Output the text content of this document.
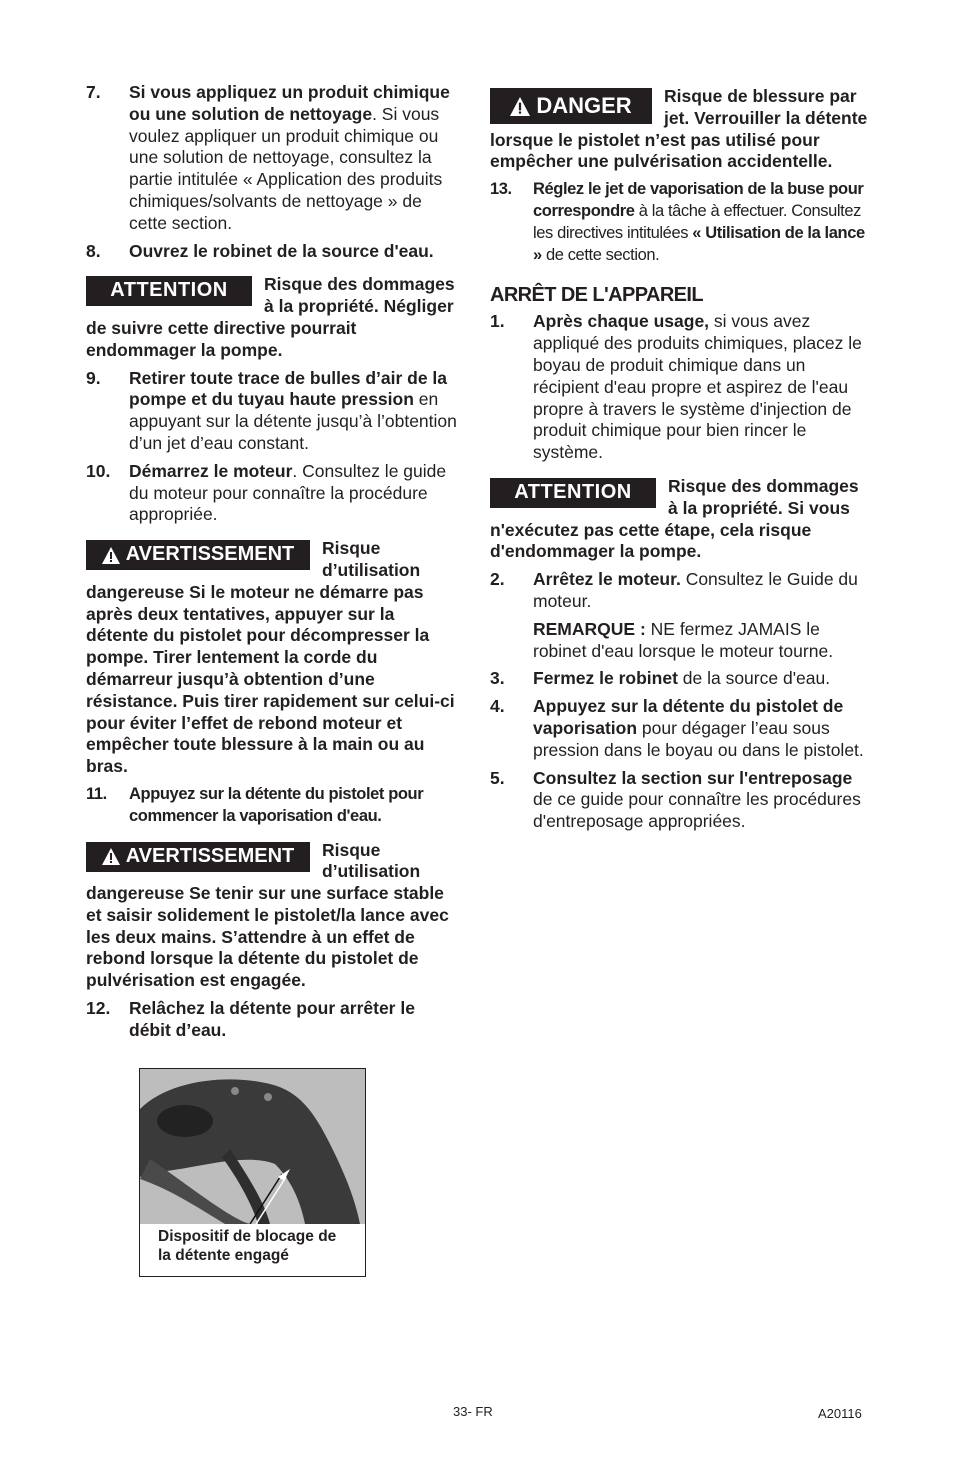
7.	Si vous appliquez un produit chimique ou une solution de nettoyage. Si vous voulez appliquer un produit chimique ou une solution de nettoyage, consultez la partie intitulée « Application des produits chimiques/solvants de nettoyage » de cette section.
8.	Ouvrez le robinet de la source d'eau.
ATTENTION	Risque des dommages à la propriété. Négliger de suivre cette directive pourrait endommager la pompe.
9.	Retirer toute trace de bulles d’air de la pompe et du tuyau haute pression en appuyant sur la détente jusqu’à l’obtention d’un jet d’eau constant.
10.	Démarrez le moteur. Consultez le guide du moteur pour connaître la procédure appropriée.
AVERTISSEMENT Risque d’utilisation dangereuse Si le moteur ne démarre pas après deux tentatives, appuyer sur la détente du pistolet pour décompresser la pompe. Tirer lentement la corde du démarreur jusqu’à obtention d’une résistance. Puis tirer rapidement sur celui-ci pour éviter l’effet de rebond moteur et empêcher toute blessure à la main ou au bras.
11.	Appuyez sur la détente du pistolet pour commencer la vaporisation d'eau.
AVERTISSEMENT Risque d’utilisation dangereuse Se tenir sur une surface stable et saisir solidement le pistolet/la lance avec les deux mains. S’attendre à un effet de rebond lorsque la détente du pistolet de pulvérisation est engagée.
12.	Relâchez la détente pour arrêter le débit d’eau.
Dispositif de blocage de la détente engagé
DANGER Risque de blessure par jet. Verrouiller la détente lorsque le pistolet n’est pas utilisé pour empêcher une pulvérisation accidentelle.
13.	Réglez le jet de vaporisation de la buse pour correspondre à la tâche à effectuer. Consultez les directives intitulées « Utilisation de la lance » de cette section.
ARRÊT DE L'APPAREIL
1.	Après chaque usage, si vous avez appliqué des produits chimiques, placez le boyau de produit chimique dans un récipient d'eau propre et aspirez de l'eau propre à travers le système d'injection de produit chimique pour bien rincer le système.
ATTENTION	Risque des dommages à la propriété. Si vous n'exécutez pas cette étape, cela risque d'endommager la pompe.
2.	Arrêtez le moteur. Consultez le Guide du moteur.
REMARQUE : NE fermez JAMAIS le robinet d'eau lorsque le moteur tourne.
3.	Fermez le robinet de la source d'eau.
4.	Appuyez sur la détente du pistolet de vaporisation pour dégager l’eau sous pression dans le boyau ou dans le pistolet.
5.	Consultez la section sur l'entreposage de ce guide pour connaître les procédures d'entreposage appropriées.
33- FR	A20116
